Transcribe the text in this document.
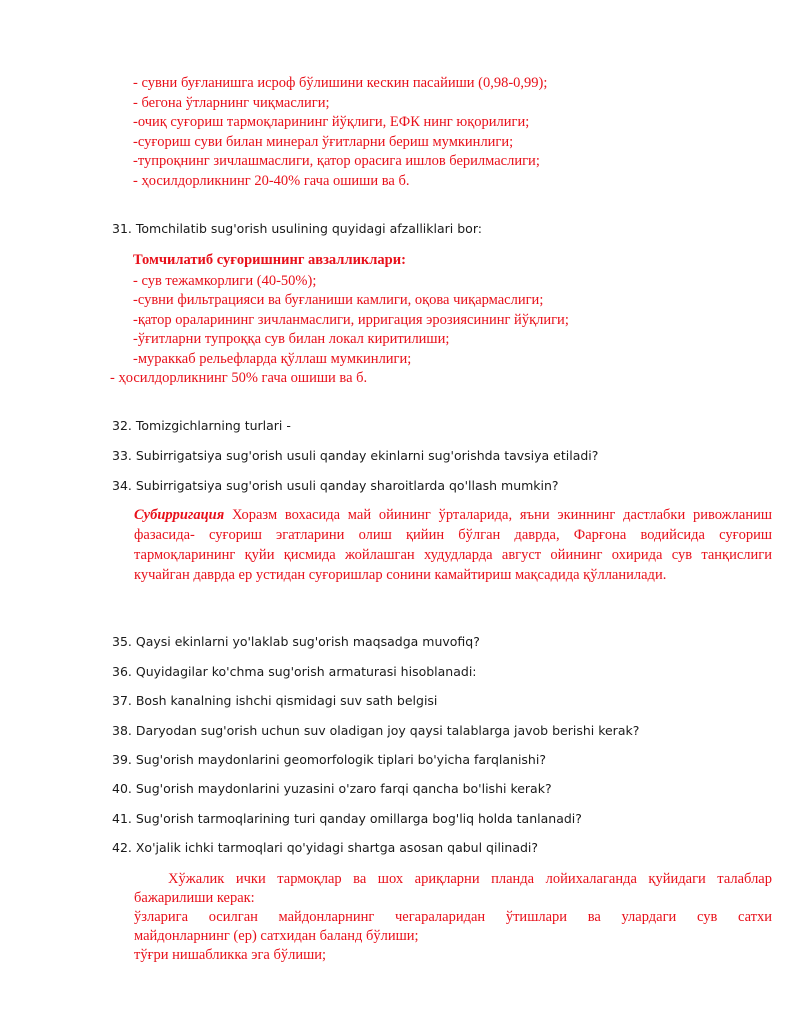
- сувни буғланишга исроф бўлишини кескин пасайиши (0,98-0,99);
- бегона ўтларнинг чиқмаслиги;
-очиқ суғориш тармоқларининг йўқлиги, ЕФК нинг юқорилиги;
-суғориш суви билан минерал ўғитларни бериш мумкинлиги;
-тупроқнинг зичлашмаслиги, қатор орасига ишлов берилмаслиги;
- ҳосилдорликнинг 20-40% гача ошиши ва б.
31. Tomchilatib sug'orish usulining quyidagi afzalliklari bor:
Томчилатиб суғоришнинг авзалликлари:
- сув тежамкорлиги (40-50%);
-сувни фильтрацияси ва буғланиши камлиги, оқова чиқармаслиги;
-қатор ораларининг зичланмаслиги, ирригация эрозиясининг йўқлиги;
-ўғитларни тупроққа сув билан локал киритилиши;
-мураккаб рельефларда қўллаш мумкинлиги;
- ҳосилдорликнинг 50% гача ошиши ва б.
32. Tomizgichlarning turlari -
33. Subirrigatsiya sug'orish usuli qanday ekinlarni sug'orishda tavsiya etiladi?
34. Subirrigatsiya sug'orish usuli qanday sharoitlarda qo'llash mumkin?
Субирригация Хоразм вохасида май ойининг ўрталарида, яъни экиннинг дастлабки ривожланиш фазасида- суғориш эгатларини олиш қийин бўлган даврда, Фарғона водийсида суғориш тармоқларининг қуйи қисмида жойлашган худудларда август ойининг охирида сув танқислиги кучайган даврда ер устидан суғоришлар сонини камайтириш мақсадида қўлланилади.
35. Qaysi ekinlarni yo'laklab sug'orish maqsadga muvofiq?
36. Quyidagilar ko'chma sug'orish armaturasi hisoblanadi:
37. Bosh kanalning ishchi qismidagi suv sath belgisi
38. Daryodan sug'orish uchun suv oladigan joy qaysi talablarga javob berishi kerak?
39. Sug'orish maydonlarini geomorfologik tiplari bo'yicha farqlanishi?
40. Sug'orish maydonlarini yuzasini o'zaro farqi qancha bo'lishi kerak?
41. Sug'orish tarmoqlarining turi qanday omillarga bog'liq holda tanlanadi?
42. Xo'jalik ichki tarmoqlari qo'yidagi shartga asosan qabul qilinadi?
Хўжалик ички тармоқлар ва шох ариқларни планда лойихалаганда қуйидаги талаблар
бажарилиши керак:
ўзларига осилган майдонларнинг чегараларидан ўтишлари ва улардаги сув сатхи
майдонларнинг (ер) сатхидан баланд бўлиши;
тўғри нишабликка эга бўлиши;
